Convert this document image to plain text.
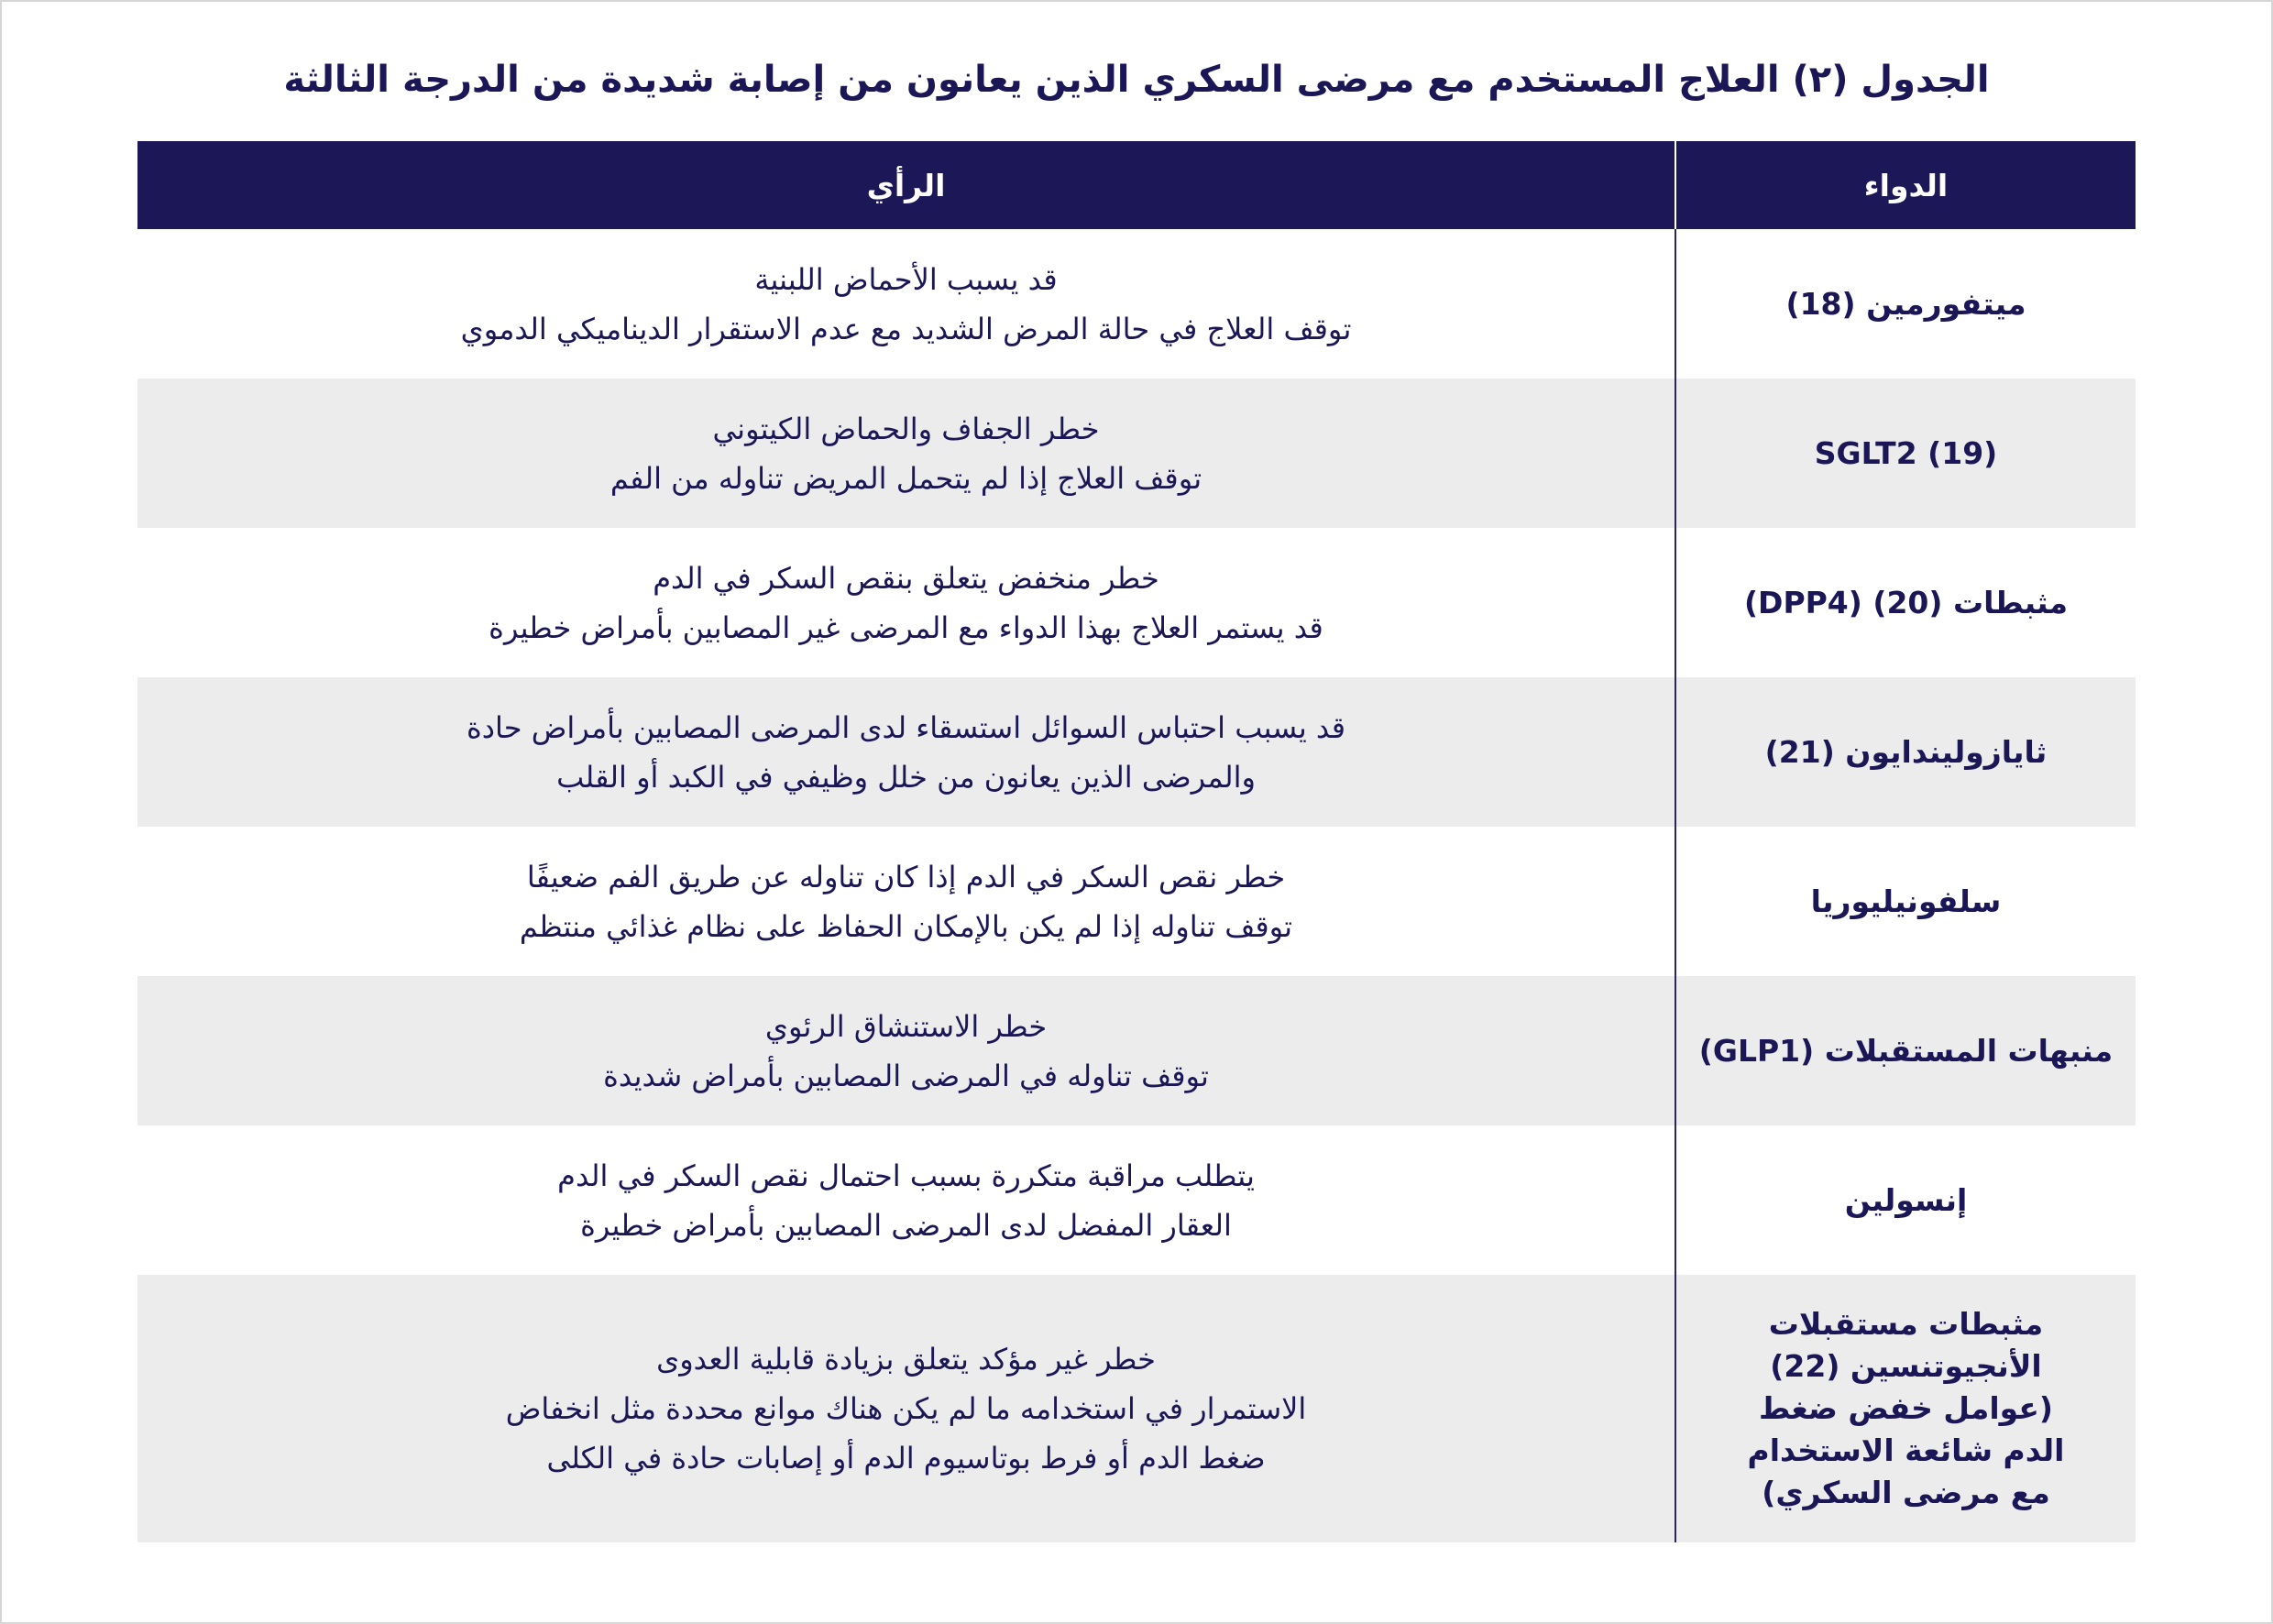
الجدول (٢) العلاج المستخدم مع مرضى السكري الذين يعانون من إصابة شديدة من الدرجة الثالثة
الدواء	الرأي
ميتفورمين (18)	قد يسبب الأحماض اللبنية
توقف العلاج في حالة المرض الشديد مع عدم الاستقرار الديناميكي الدموي

SGLT2 (19)	خطر الجفاف والحماض الكيتوني
توقف العلاج إذا لم يتحمل المريض تناوله من الفم

مثبطات (20) (DPP4)	خطر منخفض يتعلق بنقص السكر في الدم
قد يستمر العلاج بهذا الدواء مع المرضى غير المصابين بأمراض خطيرة

ثايازوليندايون (21)	قد يسبب احتباس السوائل استسقاء لدى المرضى المصابين بأمراض حادة
والمرضى الذين يعانون من خلل وظيفي في الكبد أو القلب

سلفونيليوريا	خطر نقص السكر في الدم إذا كان تناوله عن طريق الفم ضعيفًا
توقف تناوله إذا لم يكن بالإمكان الحفاظ على نظام غذائي منتظم

منبهات المستقبلات (GLP1)	خطر الاستنشاق الرئوي
توقف تناوله في المرضى المصابين بأمراض شديدة

إنسولين	يتطلب مراقبة متكررة بسبب احتمال نقص السكر في الدم
العقار المفضل لدى المرضى المصابين بأمراض خطيرة

مثبطات مستقبلات
الأنجيوتنسين (22)
(عوامل خفض ضغط
الدم شائعة الاستخدام
مع مرضى السكري)	خطر غير مؤكد يتعلق بزيادة قابلية العدوى
الاستمرار في استخدامه ما لم يكن هناك موانع محددة مثل انخفاض
ضغط الدم أو فرط بوتاسيوم الدم أو إصابات حادة في الكلى
